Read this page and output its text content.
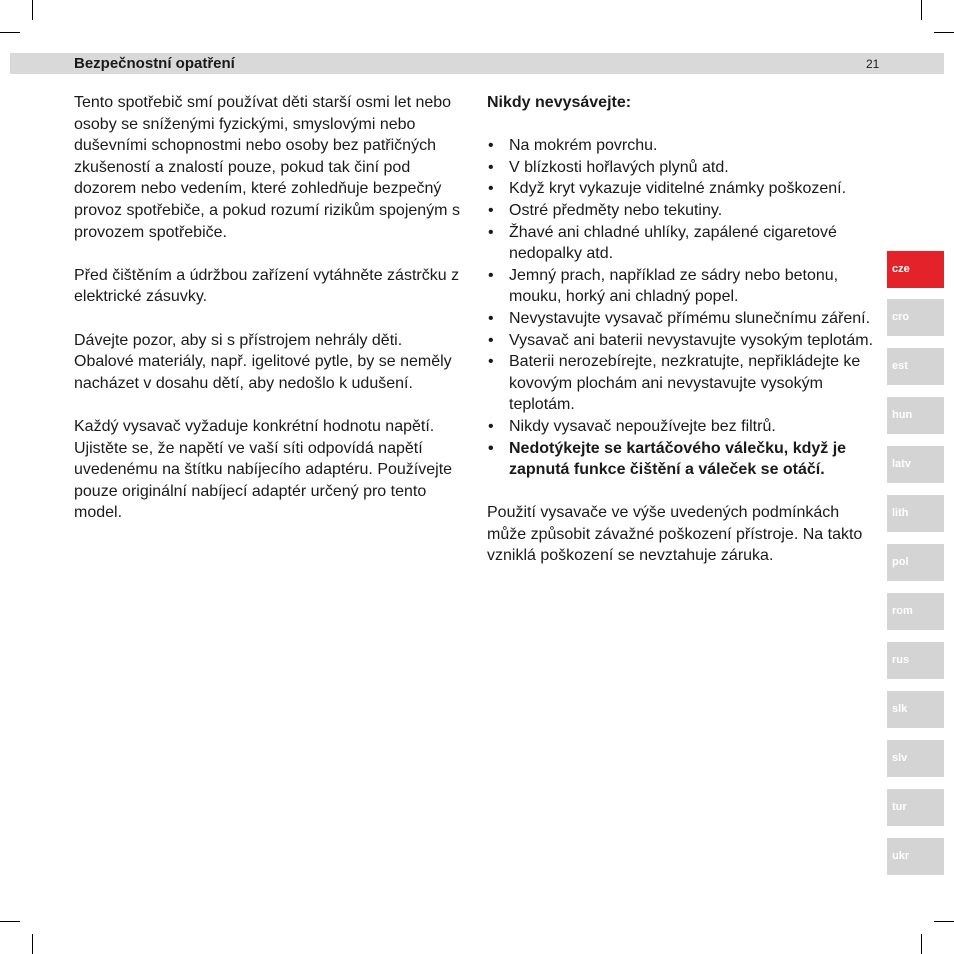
Bezpečnostní opatření	21

Tento spotřebič smí používat děti starší osmi let nebo osoby se sníženými fyzickými, smyslovými nebo duševními schopnostmi nebo osoby bez patřičných zkušeností a znalostí pouze, pokud tak činí pod dozorem nebo vedením, které zohledňuje bezpečný provoz spotřebiče, a pokud rozumí rizikům spojeným s provozem spotřebiče.

Před čištěním a údržbou zařízení vytáhněte zástrčku z elektrické zásuvky.

Dávejte pozor, aby si s přístrojem nehrály děti. Obalové materiály, např. igelitové pytle, by se neměly nacházet v dosahu dětí, aby nedošlo k udušení.

Každý vysavač vyžaduje konkrétní hodnotu napětí. Ujistěte se, že napětí ve vaší síti odpovídá napětí uvedenému na štítku nabíjecího adaptéru. Používejte pouze originální nabíjecí adaptér určený pro tento model.

Nikdy nevysávejte:

• Na mokrém povrchu.
• V blízkosti hořlavých plynů atd.
• Když kryt vykazuje viditelné známky poškození.
• Ostré předměty nebo tekutiny.
• Žhavé ani chladné uhlíky, zapálené cigaretové nedopalky atd.
• Jemný prach, například ze sádry nebo betonu, mouku, horký ani chladný popel.
• Nevystavujte vysavač přímému slunečnímu záření.
• Vysavač ani baterii nevystavujte vysokým teplotám.
• Baterii nerozebírejte, nezkratujte, nepřikládejte ke kovovým plochám ani nevystavujte vysokým teplotám.
• Nikdy vysavač nepoužívejte bez filtrů.
• Nedotýkejte se kartáčového válečku, když je zapnutá funkce čištění a váleček se otáčí.

Použití vysavače ve výše uvedených podmínkách může způsobit závažné poškození přístroje. Na takto vzniklá poškození se nevztahuje záruka.

cze
cro
est
hun
latv
lith
pol
rom
rus
slk
slv
tur
ukr
